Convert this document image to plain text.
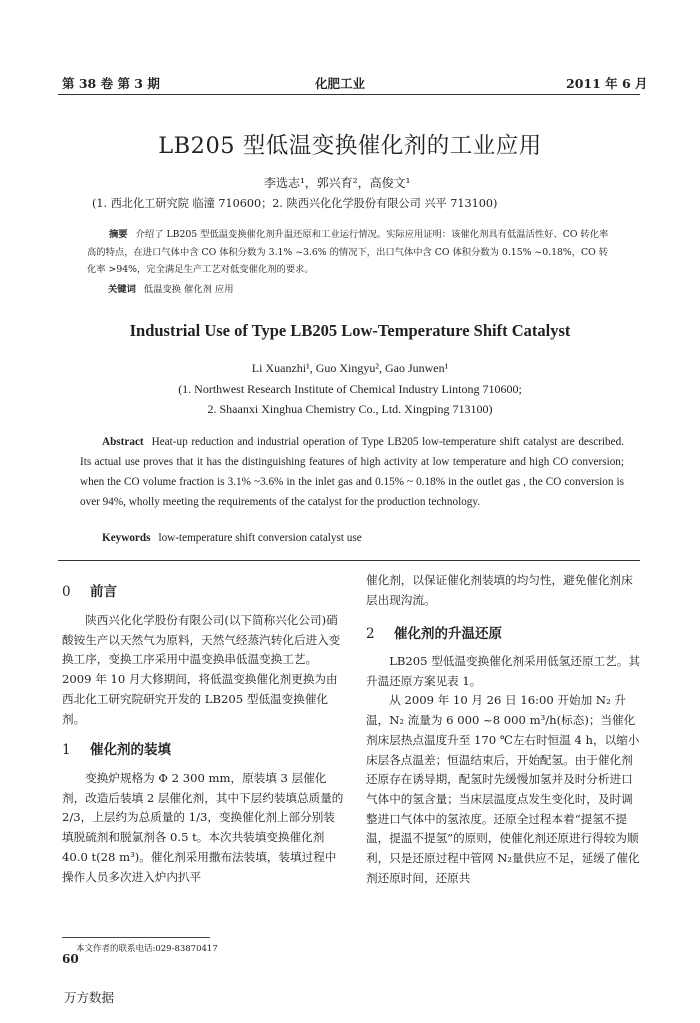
第 38 卷 第 3 期	化肥工业	2011 年 6 月
LB205 型低温变换催化剂的工业应用
李选志¹，郭兴育²，高俊文¹
(1. 西北化工研究院 临潼 710600；2. 陕西兴化化学股份有限公司 兴平 713100)
摘要 介绍了 LB205 型低温变换催化剂升温还原和工业运行情况。实际应用证明：该催化剂具有低温活性好、CO 转化率高的特点，在进口气体中含 CO 体积分数为 3.1% ~3.6% 的情况下，出口气体中含 CO 体积分数为 0.15% ~0.18%，CO 转化率 >94%，完全满足生产工艺对低变催化剂的要求。
关键词 低温变换 催化剂 应用
Industrial Use of Type LB205 Low-Temperature Shift Catalyst
Li Xuanzhi¹, Guo Xingyu², Gao Junwen¹
(1. Northwest Research Institute of Chemical Industry Lintong 710600;
2. Shaanxi Xinghua Chemistry Co., Ltd. Xingping 713100)
Abstract Heat-up reduction and industrial operation of Type LB205 low-temperature shift catalyst are described. Its actual use proves that it has the distinguishing features of high activity at low temperature and high CO conversion; when the CO volume fraction is 3.1% ~3.6% in the inlet gas and 0.15% ~ 0.18% in the outlet gas , the CO conversion is over 94%, wholly meeting the requirements of the catalyst for the production technology.
Keywords low-temperature shift conversion catalyst use
0 前言

陕西兴化化学股份有限公司(以下简称兴化公司)硝酸铵生产以天然气为原料，天然气经蒸汽转化后进入变换工序，变换工序采用中温变换串低温变换工艺。2009 年 10 月大修期间，将低温变换催化剂更换为由西北化工研究院研究开发的 LB205 型低温变换催化剂。

1 催化剂的装填

变换炉规格为 Φ 2 300 mm，原装填 3 层催化剂，改造后装填 2 层催化剂，其中下层约装填总质量的 2/3，上层约为总质量的 1/3，变换催化剂上部分别装填脱硫剂和脱氯剂各 0.5 t。本次共装填变换催化剂 40.0 t(28 m³)。催化剂采用撒布法装填，装填过程中操作人员多次进入炉内扒平

催化剂，以保证催化剂装填的均匀性，避免催化剂床层出现沟流。
2 催化剂的升温还原

LB205 型低温变换催化剂采用低氢还原工艺。其升温还原方案见表 1。

从 2009 年 10 月 26 日 16:00 开始加 N₂ 升温，N₂ 流量为 6 000 ~8 000 m³/h(标态)；当催化剂床层热点温度升至 170 ℃左右时恒温 4 h，以缩小床层各点温差；恒温结束后，开始配氢。由于催化剂还原存在诱导期，配氢时先缓慢加氢并及时分析进口气体中的氢含量；当床层温度点发生变化时，及时调整进口气体中的氢浓度。还原全过程本着“提氢不提温，提温不提氢”的原则，使催化剂还原进行得较为顺利，只是还原过程中管网 N₂量供应不足，延缓了催化剂还原时间，还原共

本文作者的联系电话:029-83870417
60
万方数据
